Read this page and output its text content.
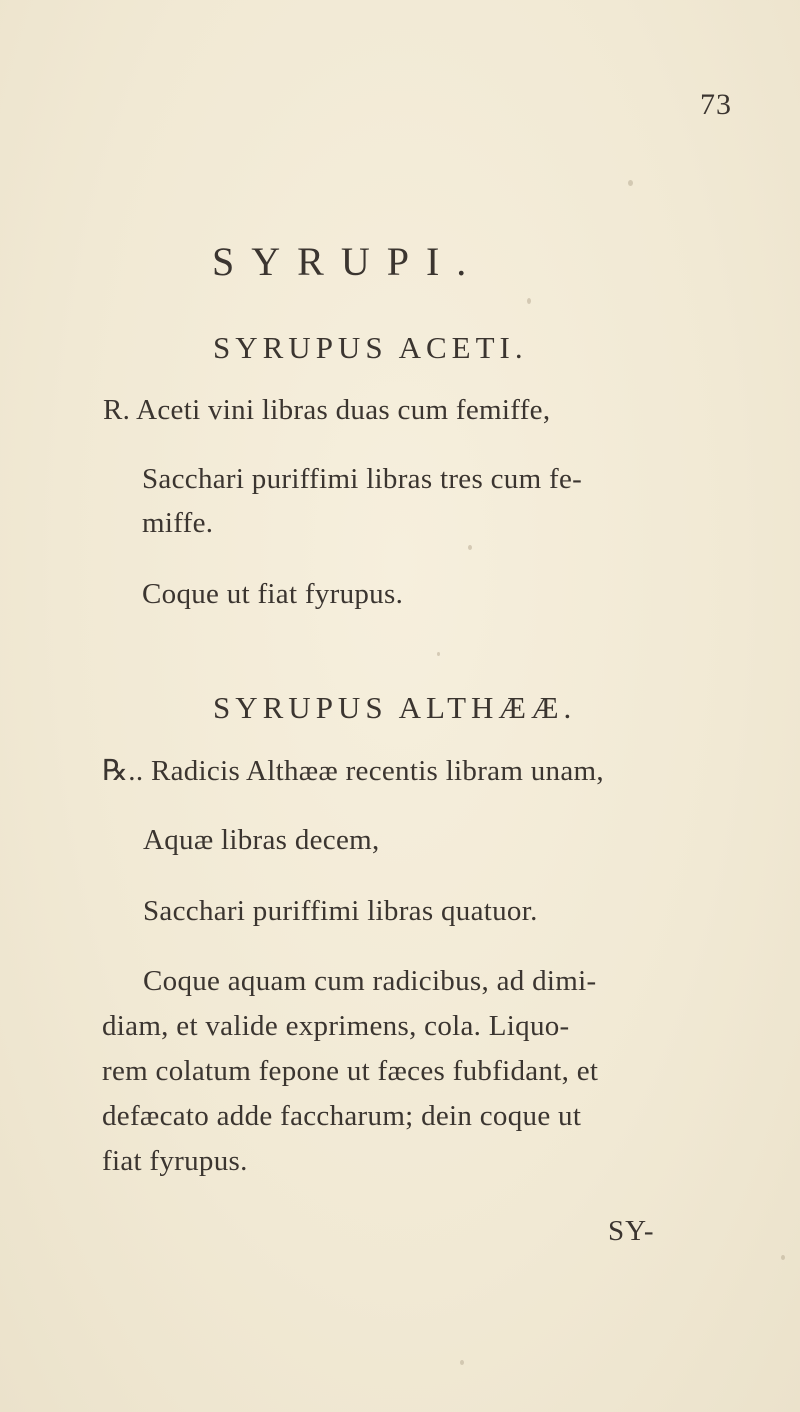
73
SYRUPI.
SYRUPUS ACETI.
R. Aceti vini libras duas cum femiffe,
Sacchari puriffimi libras tres cum fe-
miffe.
Coque ut fiat fyrupus.
SYRUPUS ALTHÆÆ.
℞.. Radicis Althææ recentis libram unam,
Aquæ libras decem,
Sacchari puriffimi libras quatuor.
Coque aquam cum radicibus, ad dimi-
diam, et valide exprimens, cola. Liquo-
rem colatum fepone ut fæces fubfidant, et
defæcato adde faccharum; dein coque ut
fiat fyrupus.
SY-
